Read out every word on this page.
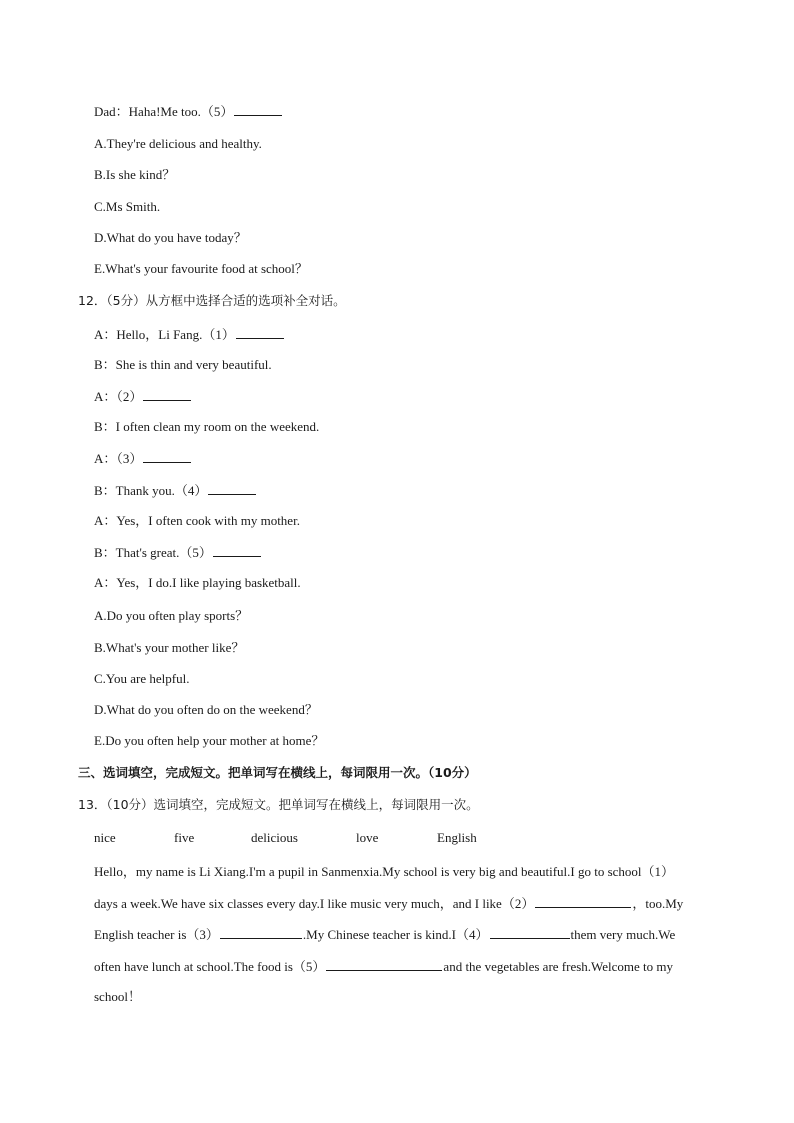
Dad：Haha!Me too.（5）
A.They're delicious and healthy.
B.Is she kind？
C.Ms Smith.
D.What do you have today？
E.What's your favourite food at school？
12．（5分）从方框中选择合适的选项补全对话。
A：Hello，Li Fang.（1）
B：She is thin and very beautiful.
A：（2）
B：I often clean my room on the weekend.
A：（3）
B：Thank you.（4）
A：Yes，I often cook with my mother.
B：That's great.（5）
A：Yes，I do.I like playing basketball.
A.Do you often play sports？
B.What's your mother like？
C.You are helpful.
D.What do you often do on the weekend？
E.Do you often help your mother at home？
三、选词填空，完成短文。把单词写在横线上，每词限用一次。（10分）
13．（10分）选词填空，完成短文。把单词写在横线上，每词限用一次。
nice	five	delicious	love	English
Hello，my name is Li Xiang.I'm a pupil in Sanmenxia.My school is very big and beautiful.I go to school（1）
days a week.We have six classes every day.I like music very much，and I like（2）	，too.My
English teacher is（3）	.My Chinese teacher is kind.I（4）	them very much.We
often have lunch at school.The food is（5）	and the vegetables are fresh.Welcome to my
school！
